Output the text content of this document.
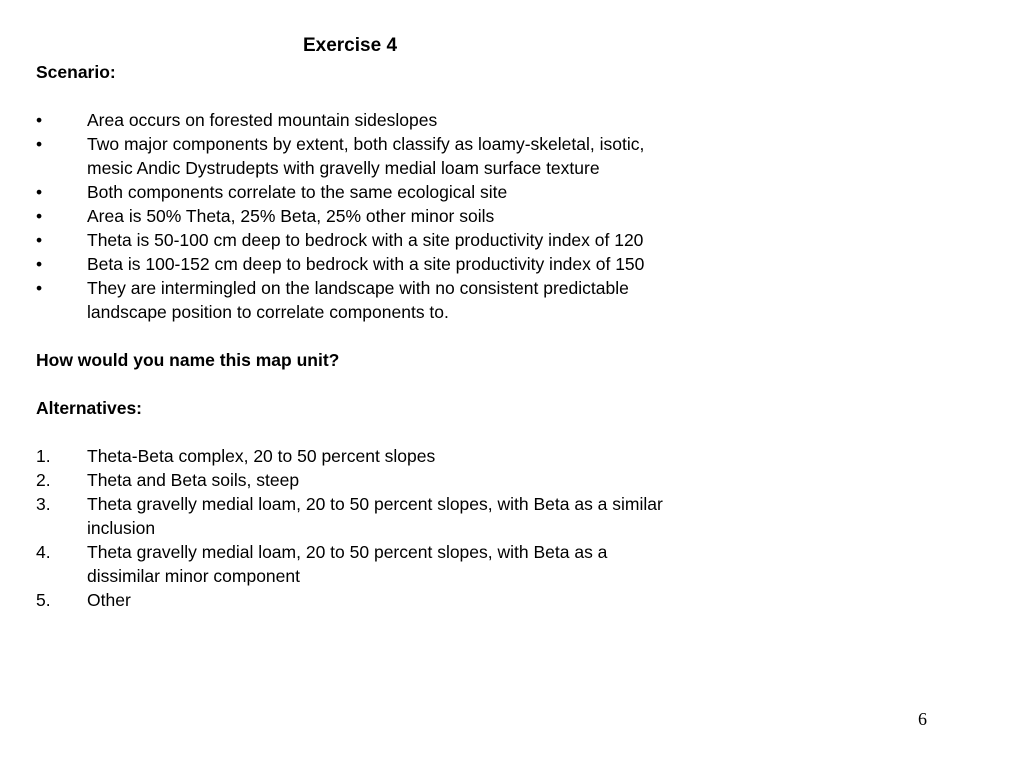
Exercise 4
Scenario:
•	Area occurs on forested mountain sideslopes
•	Two major components by extent, both classify as loamy-skeletal, isotic, mesic Andic Dystrudepts with gravelly medial loam surface texture
•	Both components correlate to the same ecological site
•	Area is 50% Theta, 25% Beta, 25% other minor soils
•	Theta is 50-100 cm deep to bedrock with a site productivity index of 120
•	Beta is 100-152 cm deep to bedrock with a site productivity index of 150
•	They are intermingled on the landscape with no consistent predictable landscape position to correlate components to.
How would you name this map unit?
Alternatives:
1.	Theta-Beta complex, 20 to 50 percent slopes
2.	Theta and Beta soils, steep
3.	Theta gravelly medial loam, 20 to 50 percent slopes, with Beta as a similar inclusion
4.	Theta gravelly medial loam, 20 to 50 percent slopes, with Beta as a dissimilar minor component
5.	Other
6
